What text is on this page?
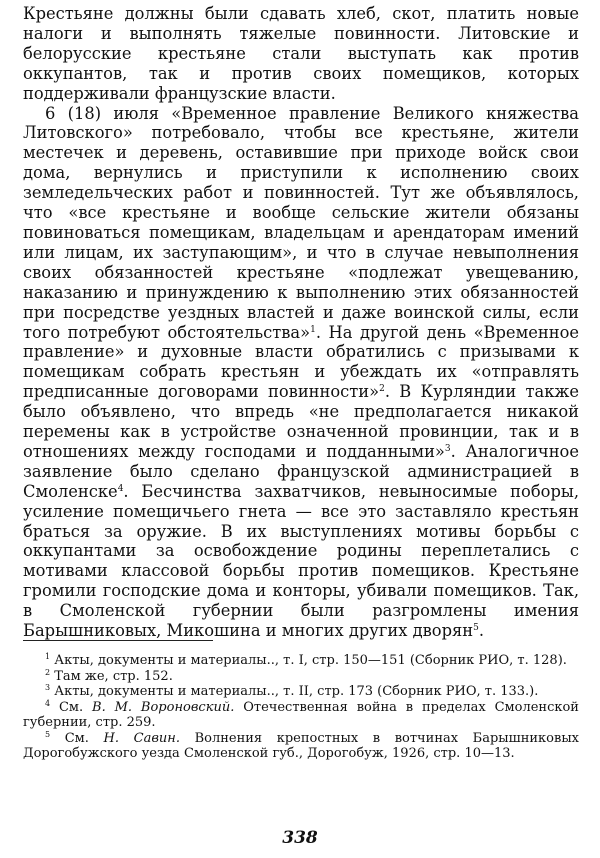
Крестьяне должны были сдавать хлеб, скот, платить новые налоги и выполнять тяжелые повинности. Литовские и белорусские крестьяне стали выступать как против оккупантов, так и против своих помещиков, которых поддерживали французские власти.

6 (18) июля «Временное правление Великого княжества Литовского» потребовало, чтобы все крестьяне, жители местечек и деревень, оставившие при приходе войск свои дома, вернулись и приступили к исполнению своих земледельческих работ и повинностей. Тут же объявлялось, что «все крестьяне и вообще сельские жители обязаны повиноваться помещикам, владельцам и арендаторам имений или лицам, их заступающим», и что в случае невыполнения своих обязанностей крестьяне «подлежат увещеванию, наказанию и принуждению к выполнению этих обязанностей при посредстве уездных властей и даже воинской силы, если того потребуют обстоятельства»$^1$. На другой день «Временное правление» и духовные власти обратились с призывами к помещикам собрать крестьян и убеждать их «отправлять предписанные договорами повинности»$^2$. В Курляндии также было объявлено, что впредь «не предполагается никакой перемены как в устройстве означенной провинции, так и в отношениях между господами и подданными»$^3$. Аналогичное заявление было сделано французской администрацией в Смоленске$^4$. Бесчинства захватчиков, невыносимые поборы, усиление помещичьего гнета — все это заставляло крестьян браться за оружие. В их выступлениях мотивы борьбы с оккупантами за освобождение родины переплетались с мотивами классовой борьбы против помещиков. Крестьяне громили господские дома и конторы, убивали помещиков. Так, в Смоленской губернии были разгромлены имения Барышниковых, Микошина и многих других дворян$^5$.

$^1$ Акты, документы и материалы.., т. I, стр. 150—151 (Сборник РИО, т. 128).

$^2$ Там же, стр. 152.

$^3$ Акты, документы и материалы.., т. II, стр. 173 (Сборник РИО, т. 133.).

$^4$ См. В. М. Вороновский. Отечественная война в пределах Смоленской губернии, стр. 259.

$^5$ См. Н. Савин. Волнения крепостных в вотчинах Барышниковых Дорогобужского уезда Смоленской губ., Дорогобуж, 1926, стр. 10—13.

338
